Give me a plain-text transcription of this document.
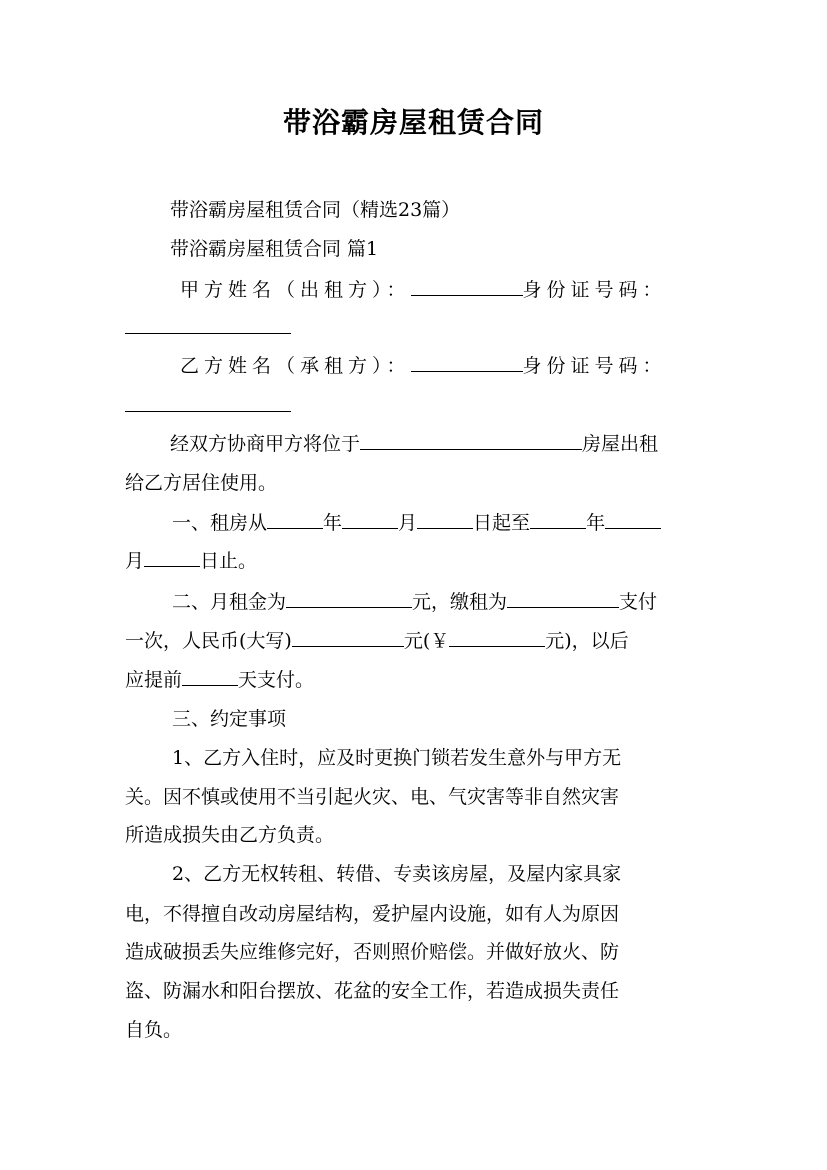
带浴霸房屋租赁合同
带浴霸房屋租赁合同（精选23篇）
带浴霸房屋租赁合同 篇1
甲方姓名（出租方）：	身份证号码：
乙方姓名（承租方）：	身份证号码：
经双方协商甲方将位于	房屋出租
给乙方居住使用。
一、租房从	年	月	日起至	年
月	日止。
二、月租金为	元，缴租为	支付
一次，人民币(大写)	元(￥	元)，以后
应提前	天支付。
三、约定事项
1、乙方入住时，应及时更换门锁若发生意外与甲方无
关。因不慎或使用不当引起火灾、电、气灾害等非自然灾害
所造成损失由乙方负责。
2、乙方无权转租、转借、专卖该房屋，及屋内家具家
电，不得擅自改动房屋结构，爱护屋内设施，如有人为原因
造成破损丢失应维修完好，否则照价赔偿。并做好放火、防
盗、防漏水和阳台摆放、花盆的安全工作，若造成损失责任
自负。
